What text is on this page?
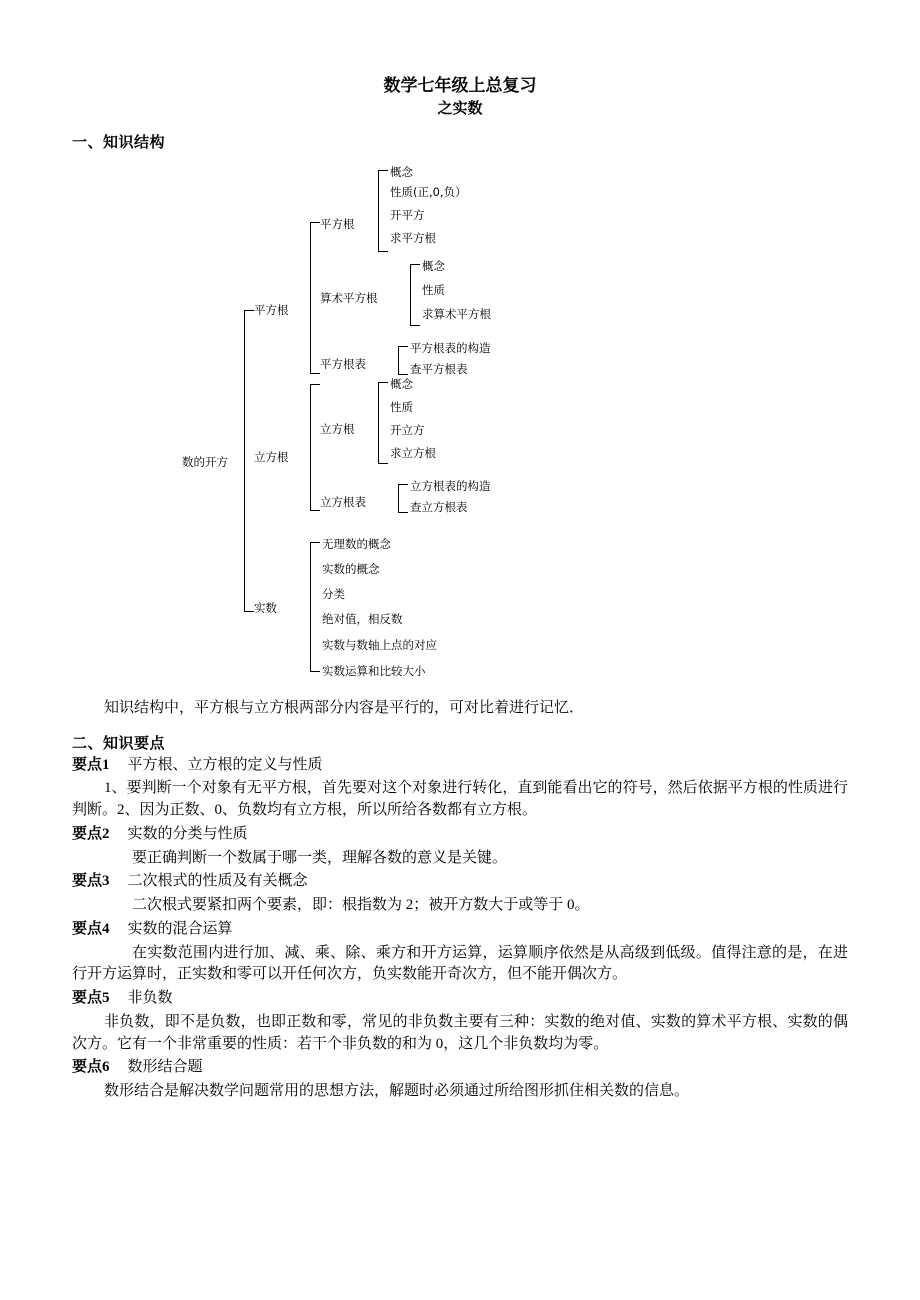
数学七年级上总复习
之实数
一、知识结构
数的开方
平方根
平方根
概念
性质(正,0,负）
开平方
求平方根
算术平方根
概念
性质
求算术平方根
平方根表
平方根表的构造
查平方根表
立方根
立方根
概念
性质
开立方
求立方根
立方根表
立方根表的构造
查立方根表
实数
无理数的概念
实数的概念
分类
绝对值，相反数
实数与数轴上点的对应
实数运算和比较大小
知识结构中，平方根与立方根两部分内容是平行的，可对比着进行记忆．
二、知识要点
要点1 平方根、立方根的定义与性质
1、要判断一个对象有无平方根，首先要对这个对象进行转化，直到能看出它的符号，然后依据平方根的性质进行判断。2、因为正数、0、负数均有立方根，所以所给各数都有立方根。
要点2 实数的分类与性质
要正确判断一个数属于哪一类，理解各数的意义是关键。
要点3 二次根式的性质及有关概念
二次根式要紧扣两个要素，即：根指数为 2；被开方数大于或等于 0。
要点4 实数的混合运算
在实数范围内进行加、减、乘、除、乘方和开方运算，运算顺序依然是从高级到低级。值得注意的是，在进行开方运算时，正实数和零可以开任何次方，负实数能开奇次方，但不能开偶次方。
要点5 非负数
非负数，即不是负数，也即正数和零，常见的非负数主要有三种：实数的绝对值、实数的算术平方根、实数的偶次方。它有一个非常重要的性质：若干个非负数的和为 0，这几个非负数均为零。
要点6 数形结合题
数形结合是解决数学问题常用的思想方法，解题时必须通过所给图形抓住相关数的信息。
